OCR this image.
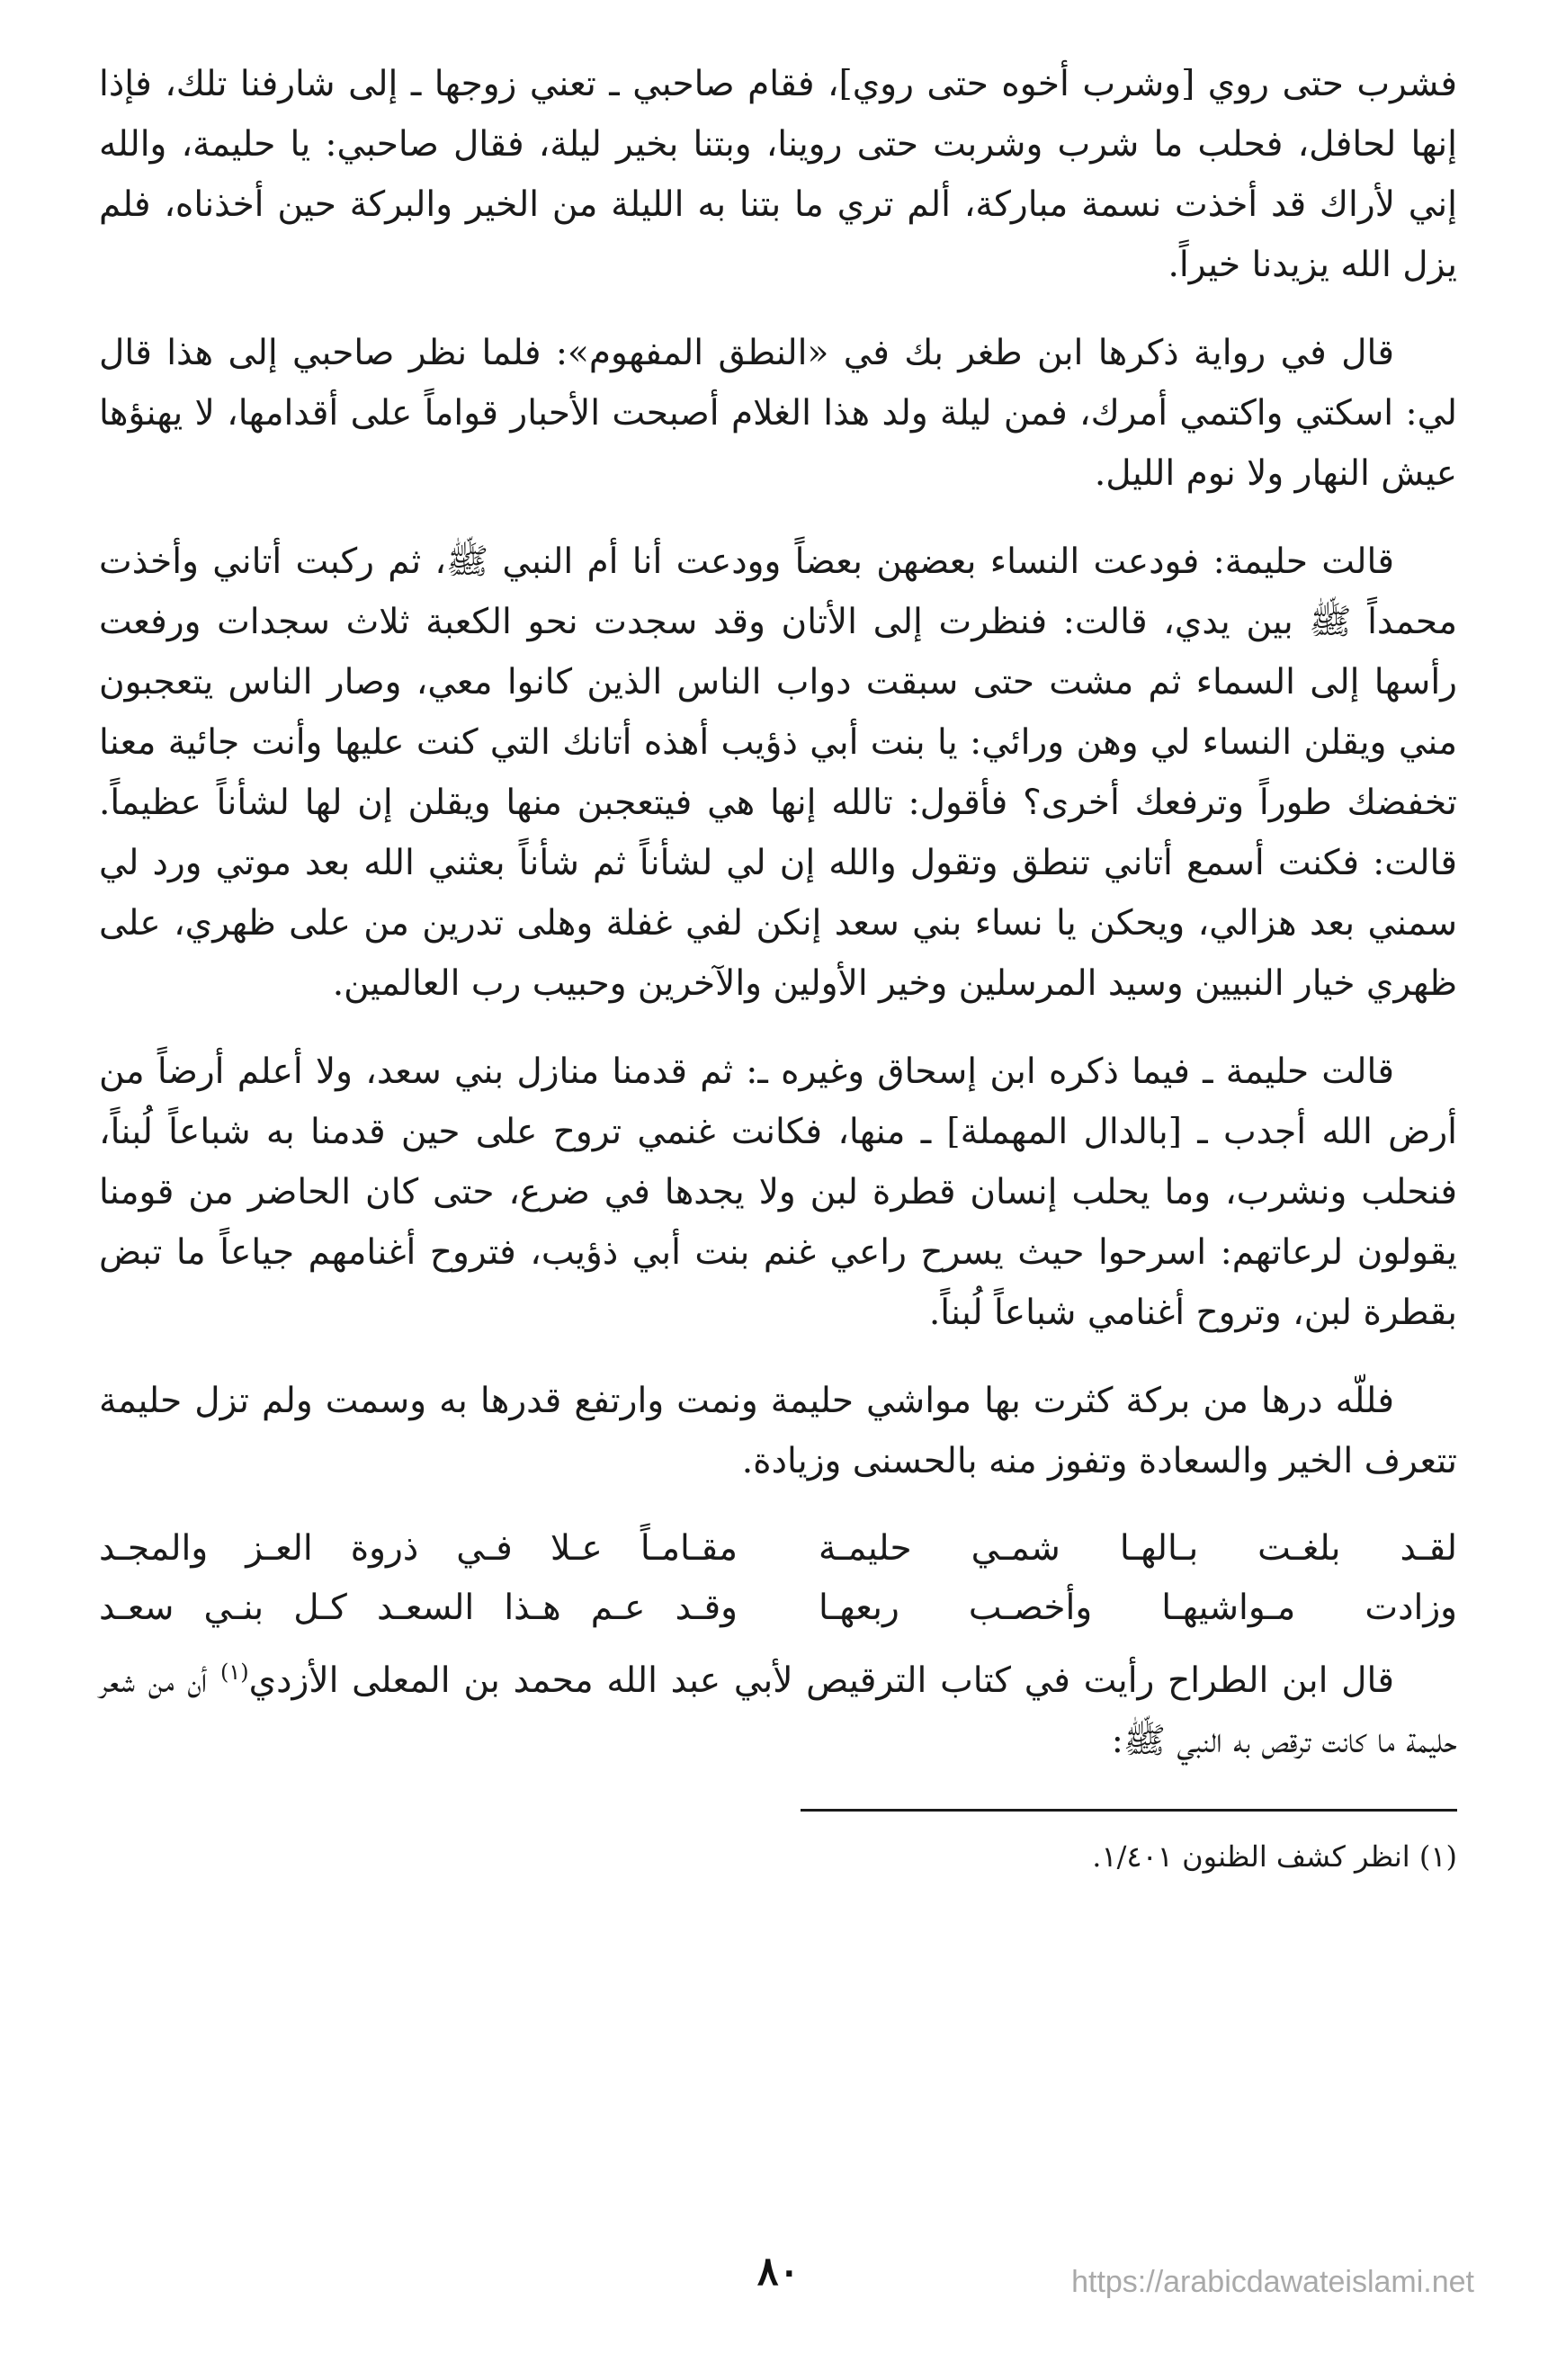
فشرب حتى روي [وشرب أخوه حتى روي]، فقام صاحبي ـ تعني زوجها ـ إلى شارفنا تلك، فإذا إنها لحافل، فحلب ما شرب وشربت حتى روينا، وبتنا بخير ليلة، فقال صاحبي: يا حليمة، والله إني لأراك قد أخذت نسمة مباركة، ألم تري ما بتنا به الليلة من الخير والبركة حين أخذناه، فلم يزل الله يزيدنا خيراً.

قال في رواية ذكرها ابن طغر بك في «النطق المفهوم»: فلما نظر صاحبي إلى هذا قال لي: اسكتي واكتمي أمرك، فمن ليلة ولد هذا الغلام أصبحت الأحبار قواماً على أقدامها، لا يهنؤها عيش النهار ولا نوم الليل.

قالت حليمة: فودعت النساء بعضهن بعضاً وودعت أنا أم النبي ﷺ، ثم ركبت أتاني وأخذت محمداً ﷺ بين يدي، قالت: فنظرت إلى الأتان وقد سجدت نحو الكعبة ثلاث سجدات ورفعت رأسها إلى السماء ثم مشت حتى سبقت دواب الناس الذين كانوا معي، وصار الناس يتعجبون مني ويقلن النساء لي وهن ورائي: يا بنت أبي ذؤيب أهذه أتانك التي كنت عليها وأنت جائية معنا تخفضك طوراً وترفعك أخرى؟ فأقول: تالله إنها هي فيتعجبن منها ويقلن إن لها لشأناً عظيماً. قالت: فكنت أسمع أتاني تنطق وتقول والله إن لي لشأناً ثم شأناً بعثني الله بعد موتي ورد لي سمني بعد هزالي، ويحكن يا نساء بني سعد إنكن لفي غفلة وهلى تدرين من على ظهري، على ظهري خيار النبيين وسيد المرسلين وخير الأولين والآخرين وحبيب رب العالمين.

قالت حليمة ـ فيما ذكره ابن إسحاق وغيره ـ: ثم قدمنا منازل بني سعد، ولا أعلم أرضاً من أرض الله أجدب ـ [بالدال المهملة] ـ منها، فكانت غنمي تروح على حين قدمنا به شباعاً لُبناً، فنحلب ونشرب، وما يحلب إنسان قطرة لبن ولا يجدها في ضرع، حتى كان الحاضر من قومنا يقولون لرعاتهم: اسرحوا حيث يسرح راعي غنم بنت أبي ذؤيب، فتروح أغنامهم جياعاً ما تبض بقطرة لبن، وتروح أغنامي شباعاً لُبناً.

فللّه درها من بركة كثرت بها مواشي حليمة ونمت وارتفع قدرها به وسمت ولم تزل حليمة تتعرف الخير والسعادة وتفوز منه بالحسنى وزيادة.

لقـد بلغـت بـالهـا شمـي حليمـة
مقـامـاً عـلا فـي ذروة العـز والمجـد
وزادت مـواشيهـا وأخصـب ربعهـا
وقـد عـم هـذا السعـد كـل بنـي سعـد

قال ابن الطراح رأيت في كتاب الترقيص لأبي عبد الله محمد بن المعلى الأزدي$^{(١)}$ أن من شعر حليمة ما كانت ترقص به النبي ﷺ:

(١) انظر كشف الظنون ١/٤٠١.
٨٠	https://arabicdawateislami.net
